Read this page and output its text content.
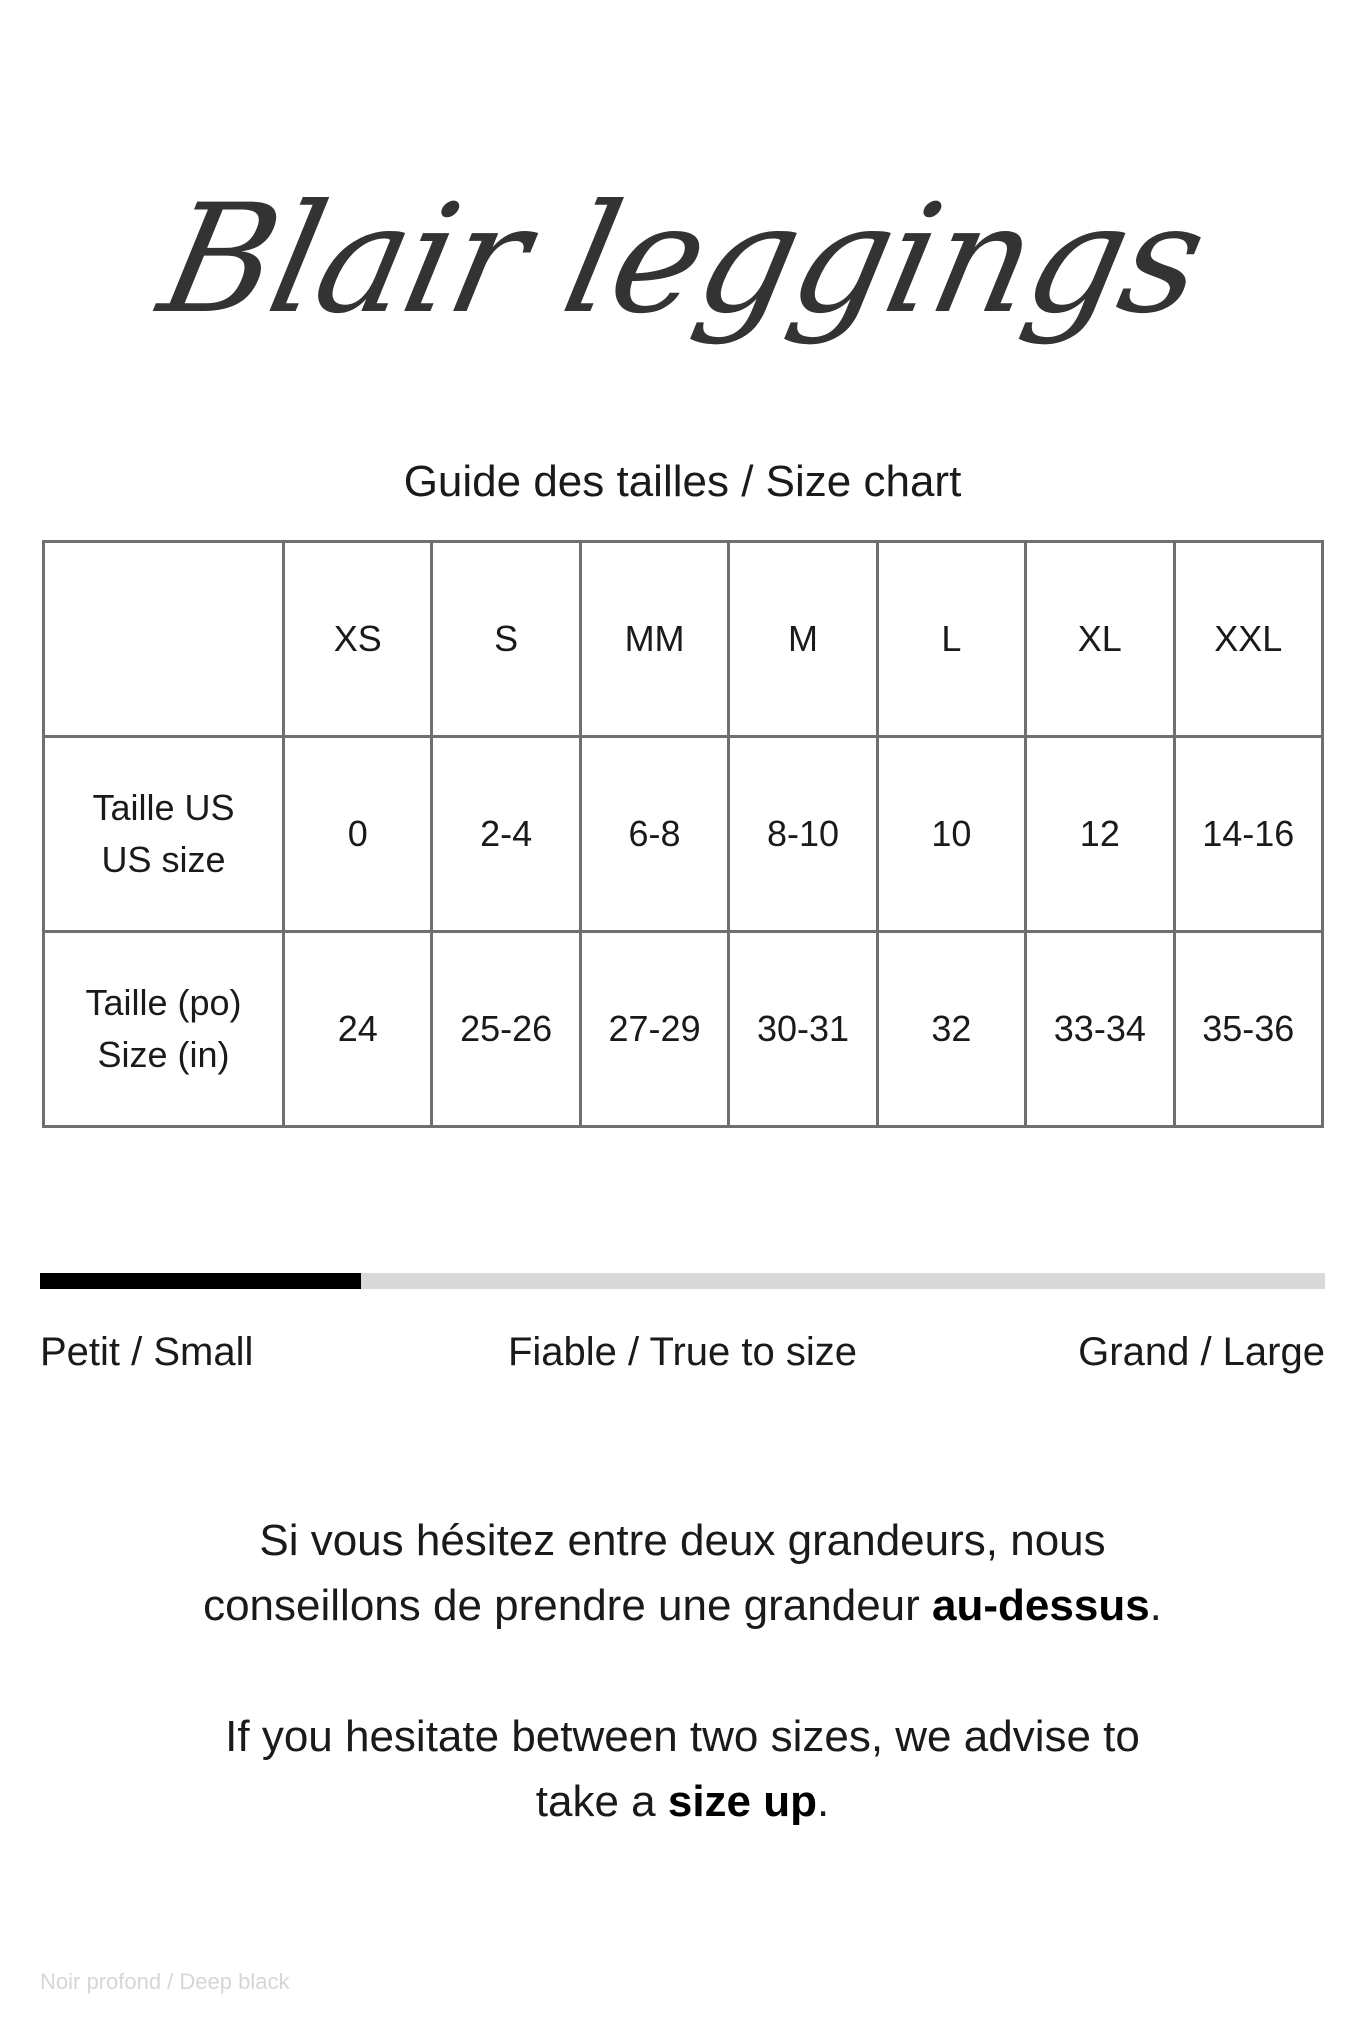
Blair leggings
Guide des tailles / Size chart
	XS	S	MM	M	L	XL	XXL
Taille US
US size	0	2-4	6-8	8-10	10	12	14-16
Taille (po)
Size (in)	24	25-26	27-29	30-31	32	33-34	35-36
Petit / Small	Fiable / True to size	Grand / Large
Si vous hésitez entre deux grandeurs, nous
conseillons de prendre une grandeur au-dessus.
If you hesitate between two sizes, we advise to
take a size up.
Noir profond / Deep black
